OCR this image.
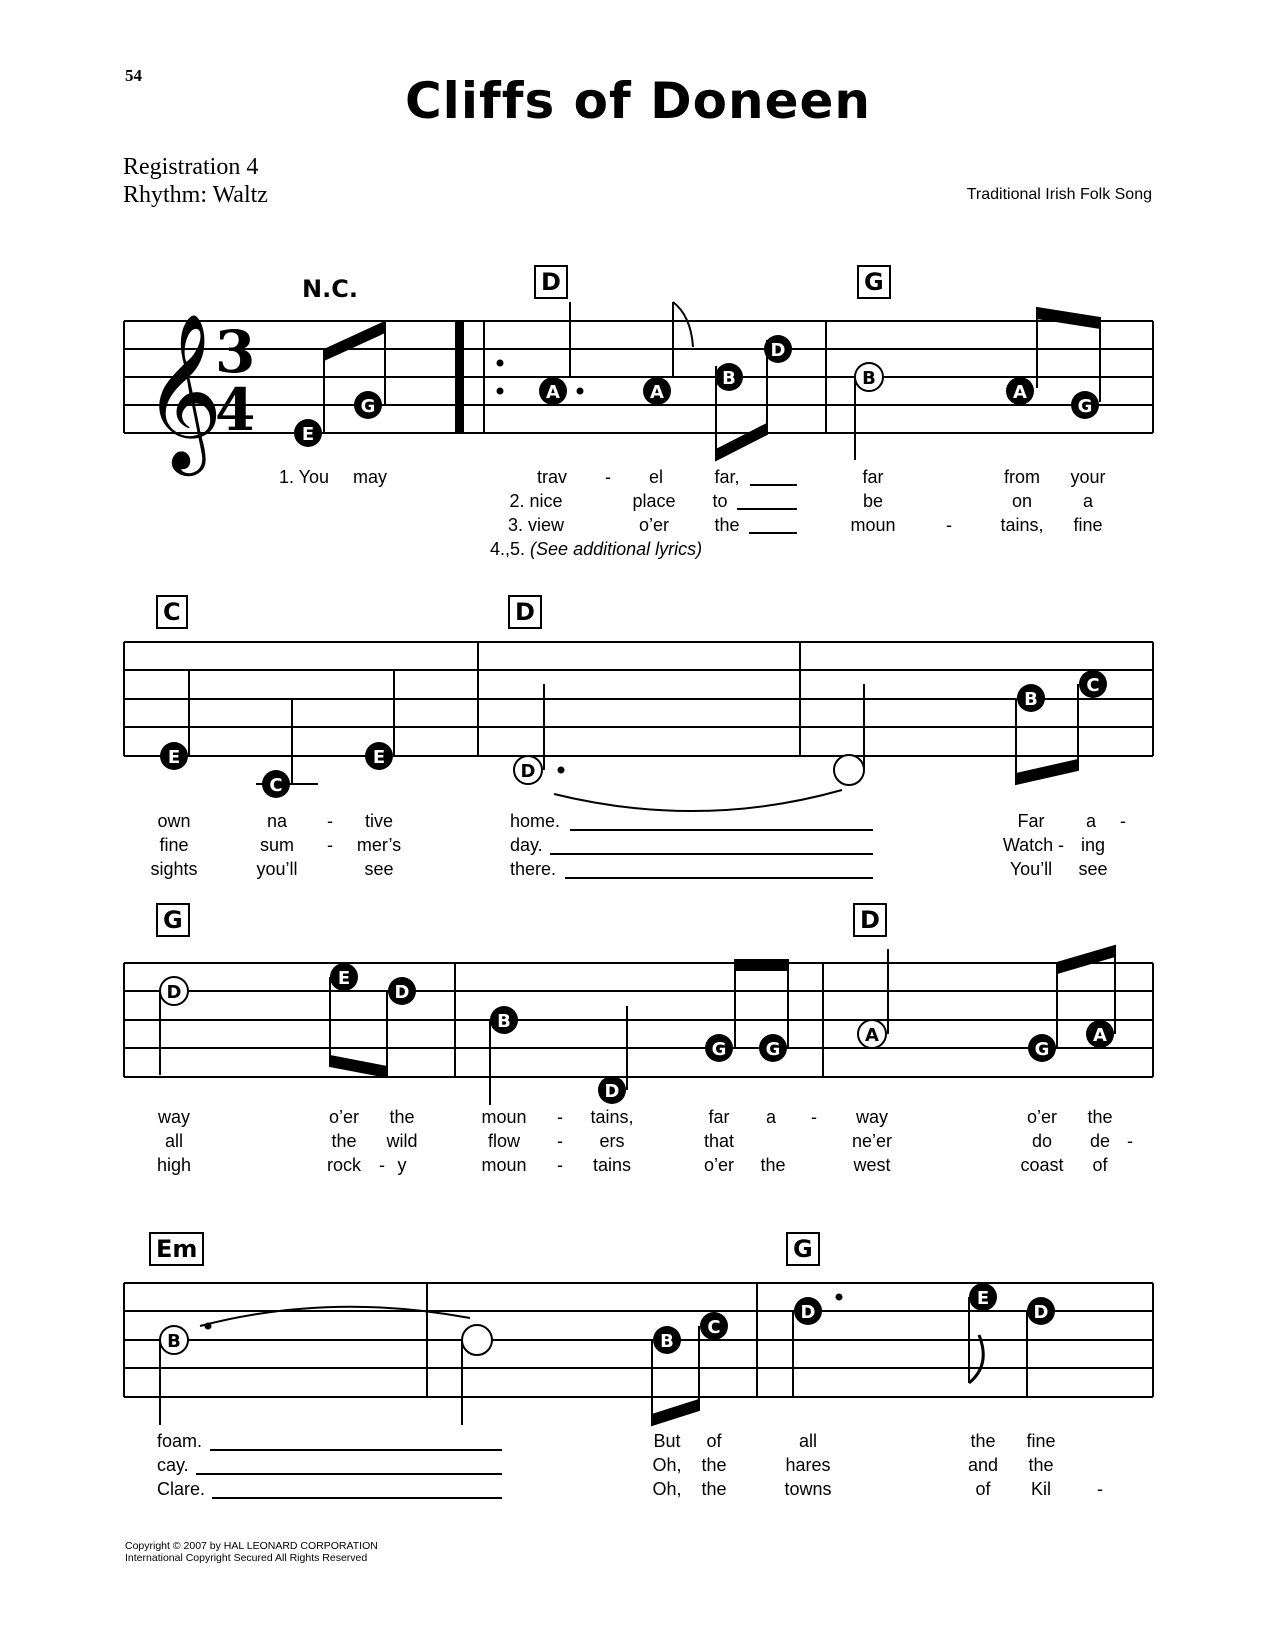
54	Cliffs of Doneen
Registration 4
Rhythm: Waltz	Traditional Irish Folk Song
𝄞
3
4	E
G
A	A
B
D
B
A
G
E
C
E
D
B
C
D
E
D
B
D
G G
A
G
A
B	B
C
D
E
D
N.C.	D	G
C	D
G	D
Em	G
1. You may	trav - el	far,	far	from your
2. nice	place to	be	on	a
3. view	o’er	the	moun	-	tains, fine
4.,5. (See additional lyrics)
own	na - tive	home.	Far a -
fine	sum - mer’s	day.	Watch - ing
sights	you’ll	see	there.	You’ll see
way	o’er the	moun - tains,	far a - way	o’er the
all	the wild	flow - ers	that	ne’er	do de -
high	rock - y	moun - tains	o’er the	west	coast of
foam.	But of	all	the fine
cay.	Oh, the	hares	and the
Clare.	Oh, the	towns	of Kil	-
Copyright © 2007 by HAL LEONARD CORPORATION
International Copyright Secured All Rights Reserved
